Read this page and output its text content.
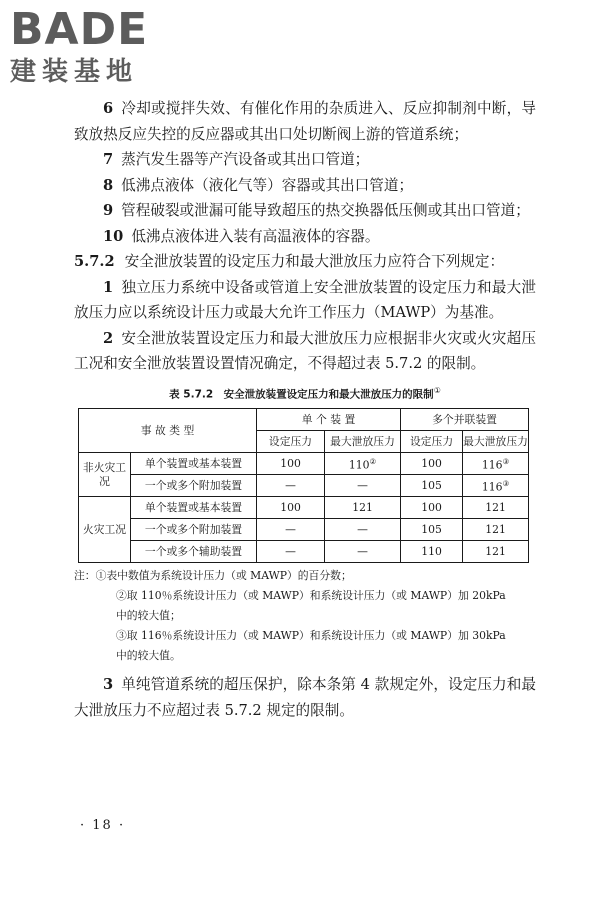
BADE
建装基地

6 冷却或搅拌失效、有催化作用的杂质进入、反应抑制剂中断，导致放热反应失控的反应器或其出口处切断阀上游的管道系统；

7 蒸汽发生器等产汽设备或其出口管道；

8 低沸点液体（液化气等）容器或其出口管道；

9 管程破裂或泄漏可能导致超压的热交换器低压侧或其出口管道；

10 低沸点液体进入装有高温液体的容器。

5.7.2 安全泄放装置的设定压力和最大泄放压力应符合下列规定：

1 独立压力系统中设备或管道上安全泄放装置的设定压力和最大泄放压力应以系统设计压力或最大允许工作压力（MAWP）为基准。

2 安全泄放装置设定压力和最大泄放压力应根据非火灾或火灾超压工况和安全泄放装置设置情况确定，不得超过表 5.7.2 的限制。

表 5.7.2　安全泄放装置设定压力和最大泄放压力的限制①
事 故 类 型		单 个 装 置		多个并联装置	
		设定压力	最大泄放压力	设定压力	最大泄放压力
非火灾工况	单个装置或基本装置	100	110②	100	116③
	一个或多个附加装置	—	—	105	116③
火灾工况	单个装置或基本装置	100	121	100	121
	一个或多个附加装置	—	—	105	121
	一个或多个辅助装置	—	—	110	121

注：①表中数值为系统设计压力（或 MAWP）的百分数；

②取 110％系统设计压力（或 MAWP）和系统设计压力（或 MAWP）加 20kPa

中的较大值；

③取 116％系统设计压力（或 MAWP）和系统设计压力（或 MAWP）加 30kPa

中的较大值。

3 单纯管道系统的超压保护，除本条第 4 款规定外，设定压力和最大泄放压力不应超过表 5.7.2 规定的限制。

· 18 ·
